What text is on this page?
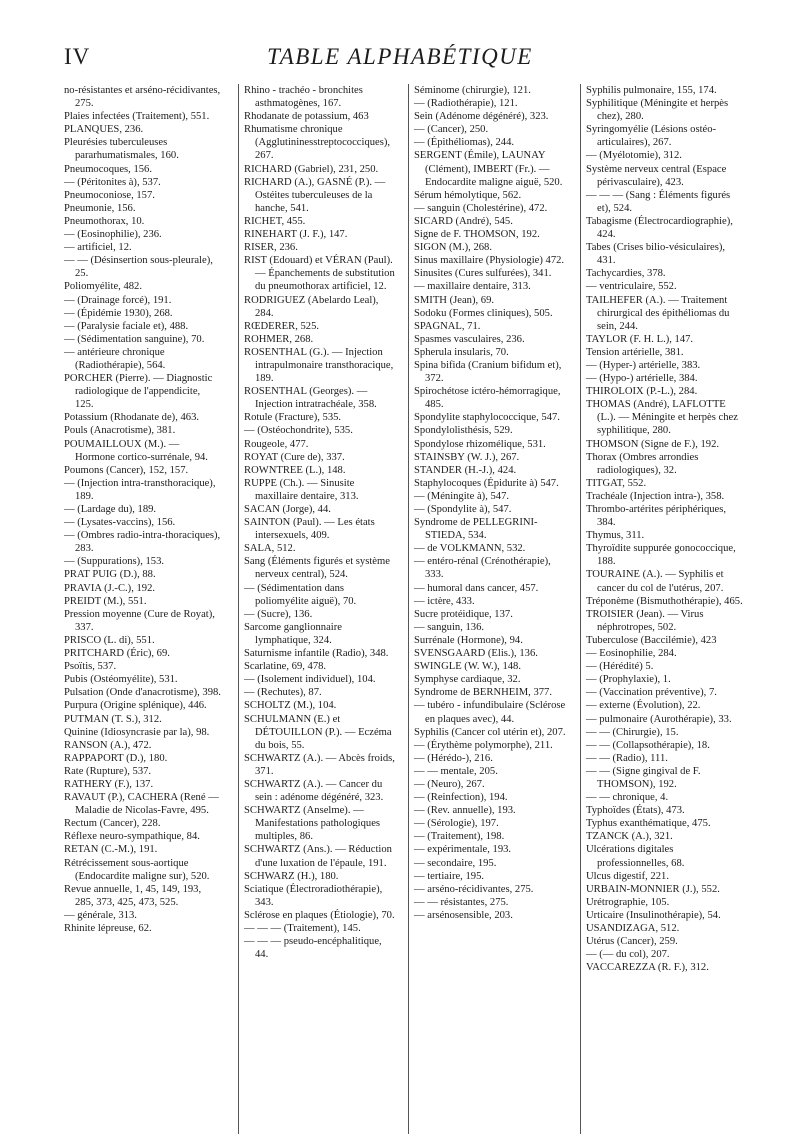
IV	TABLE ALPHABÉTIQUE

no-résistantes et arséno-récidivantes, 275.

Plaies infectées (Traitement), 551.

PLANQUES, 236.

Pleurésies tuberculeuses pararhumatismales, 160.

Pneumocoques, 156.

— (Péritonites à), 537.

Pneumoconiose, 157.

Pneumonie, 156.

Pneumothorax, 10.

— (Eosinophilie), 236.

— artificiel, 12.

— — (Désinsertion sous-pleurale), 25.

Poliomyélite, 482.

— (Drainage forcé), 191.

— (Épidémie 1930), 268.

— (Paralysie faciale et), 488.

— (Sédimentation sanguine), 70.

— antérieure chronique (Radiothérapie), 564.

PORCHER (Pierre). — Diagnostic radiologique de l'appendicite, 125.

Potassium (Rhodanate de), 463.

Pouls (Anacrotisme), 381.

POUMAILLOUX (M.). — Hormone cortico-surrénale, 94.

Poumons (Cancer), 152, 157.

— (Injection intra-transthoracique), 189.

— (Lardage du), 189.

— (Lysates-vaccins), 156.

— (Ombres radio-intra-thoraciques), 283.

— (Suppurations), 153.

PRAT PUIG (D.), 88.

PRAVIA (J.-C.), 192.

PREIDT (M.), 551.

Pression moyenne (Cure de Royat), 337.

PRISCO (L. di), 551.

PRITCHARD (Éric), 69.

Psoïtis, 537.

Pubis (Ostéomyélite), 531.

Pulsation (Onde d'anacrotisme), 398.

Purpura (Origine splénique), 446.

PUTMAN (T. S.), 312.

Quinine (Idiosyncrasie par la), 98.

RANSON (A.), 472.

RAPPAPORT (D.), 180.

Rate (Rupture), 537.

RATHERY (F.), 137.

RAVAUT (P.), CACHERA (René — Maladie de Nicolas-Favre, 495.

Rectum (Cancer), 228.

Réflexe neuro-sympathique, 84.

RETAN (C.-M.), 191.

Rétrécissement sous-aortique (Endocardite maligne sur), 520.

Revue annuelle, 1, 45, 149, 193, 285, 373, 425, 473, 525.

— générale, 313.

Rhinite lépreuse, 62.

Rhino - trachéo - bronchites asthmatogènes, 167.

Rhodanate de potassium, 463

Rhumatisme chronique (Agglutininesstreptococciques), 267.

RICHARD (Gabriel), 231, 250.

RICHARD (A.), GASNÉ (P.). — Ostéites tuberculeuses de la hanche, 541.

RICHET, 455.

RINEHART (J. F.), 147.

RISER, 236.

RIST (Edouard) et VÉRAN (Paul). — Épanchements de substitution du pneumothorax artificiel, 12.

RODRIGUEZ (Abelardo Leal), 284.

RŒDERER, 525.

ROHMER, 268.

ROSENTHAL (G.). — Injection intrapulmonaire transthoracique, 189.

ROSENTHAL (Georges). — Injection intratrachéale, 358.

Rotule (Fracture), 535.

— (Ostéochondrite), 535.

Rougeole, 477.

ROYAT (Cure de), 337.

ROWNTREE (L.), 148.

RUPPE (Ch.). — Sinusite maxillaire dentaire, 313.

SACAN (Jorge), 44.

SAINTON (Paul). — Les états intersexuels, 409.

SALA, 512.

Sang (Éléments figurés et système nerveux central), 524.

— (Sédimentation dans poliomyélite aiguë), 70.

— (Sucre), 136.

Sarcome ganglionnaire lymphatique, 324.

Saturnisme infantile (Radio), 348.

Scarlatine, 69, 478.

— (Isolement individuel), 104.

— (Rechutes), 87.

SCHOLTZ (M.), 104.

SCHULMANN (E.) et DÉTOUILLON (P.). — Eczéma du bois, 55.

SCHWARTZ (A.). — Abcès froids, 371.

SCHWARTZ (A.). — Cancer du sein : adénome dégénéré, 323.

SCHWARTZ (Anselme). — Manifestations pathologiques multiples, 86.

SCHWARTZ (Ans.). — Réduction d'une luxation de l'épaule, 191.

SCHWARZ (H.), 180.

Sciatique (Électroradiothérapie), 343.

Sclérose en plaques (Étiologie), 70.

— — — (Traitement), 145.

— — — pseudo-encéphalitique, 44.

Séminome (chirurgie), 121.

— (Radiothérapie), 121.

Sein (Adénome dégénéré), 323.

— (Cancer), 250.

— (Épithéliomas), 244.

SERGENT (Émile), LAUNAY (Clément), IMBERT (Fr.). — Endocardite maligne aiguë, 520.

Sérum hémolytique, 562.

— sanguin (Cholestérine), 472.

SICARD (André), 545.

Signe de F. THOMSON, 192.

SIGON (M.), 268.

Sinus maxillaire (Physiologie) 472.

Sinusites (Cures sulfurées), 341.

— maxillaire dentaire, 313.

SMITH (Jean), 69.

Sodoku (Formes cliniques), 505.

SPAGNAL, 71.

Spasmes vasculaires, 236.

Spherula insularis, 70.

Spina bifida (Cranium bifidum et), 372.

Spirochétose ictéro-hémorragique, 485.

Spondylite staphylococcique, 547.

Spondylolisthésis, 529.

Spondylose rhizomélique, 531.

STAINSBY (W. J.), 267.

STANDER (H.-J.), 424.

Staphylocoques (Épidurite à) 547.

— (Méningite à), 547.

— (Spondylite à), 547.

Syndrome de PELLEGRINI-STIEDA, 534.

— de VOLKMANN, 532.

— entéro-rénal (Crénothérapie), 333.

— humoral dans cancer, 457.

— ictère, 433.

Sucre protéidique, 137.

— sanguin, 136.

Surrénale (Hormone), 94.

SVENSGAARD (Elis.), 136.

SWINGLE (W. W.), 148.

Symphyse cardiaque, 32.

Syndrome de BERNHEIM, 377.

— tubéro - infundibulaire (Sclérose en plaques avec), 44.

Syphilis (Cancer col utérin et), 207.

— (Érythème polymorphe), 211.

— (Hérédo-), 216.

— — mentale, 205.

— (Neuro), 267.

— (Reinfection), 194.

— (Rev. annuelle), 193.

— (Sérologie), 197.

— (Traitement), 198.

— expérimentale, 193.

— secondaire, 195.

— tertiaire, 195.

— arséno-récidivantes, 275.

— — résistantes, 275.

— arsénosensible, 203.

Syphilis pulmonaire, 155, 174.

Syphilitique (Méningite et herpès chez), 280.

Syringomyélie (Lésions ostéo-articulaires), 267.

— (Myélotomie), 312.

Système nerveux central (Espace périvasculaire), 423.

— — — (Sang : Éléments figurés et), 524.

Tabagisme (Électrocardiographie), 424.

Tabes (Crises bilio-vésiculaires), 431.

Tachycardies, 378.

— ventriculaire, 552.

TAILHEFER (A.). — Traitement chirurgical des épithéliomas du sein, 244.

TAYLOR (F. H. L.), 147.

Tension artérielle, 381.

— (Hyper-) artérielle, 383.

— (Hypo-) artérielle, 384.

THIROLOIX (P.-L.), 284.

THOMAS (André), LAFLOTTE (L.). — Méningite et herpès chez syphilitique, 280.

THOMSON (Signe de F.), 192.

Thorax (Ombres arrondies radiologiques), 32.

TITGAT, 552.

Trachéale (Injection intra-), 358.

Thrombo-artérites périphériques, 384.

Thymus, 311.

Thyroïdite suppurée gonococcique, 188.

TOURAINE (A.). — Syphilis et cancer du col de l'utérus, 207.

Tréponème (Bismuthothérapie), 465.

TROISIER (Jean). — Virus néphrotropes, 502.

Tuberculose (Baccilémie), 423

— Eosinophilie, 284.

— (Hérédité) 5.

— (Prophylaxie), 1.

— (Vaccination préventive), 7.

— externe (Évolution), 22.

— pulmonaire (Aurothérapie), 33.

— — (Chirurgie), 15.

— — (Collapsothérapie), 18.

— — (Radio), 111.

— — (Signe gingival de F. THOMSON), 192.

— — chronique, 4.

Typhoïdes (États), 473.

Typhus exanthématique, 475.

TZANCK (A.), 321.

Ulcérations digitales professionnelles, 68.

Ulcus digestif, 221.

URBAIN-MONNIER (J.), 552.

Urétrographie, 105.

Urticaire (Insulinothérapie), 54.

USANDIZAGA, 512.

Utérus (Cancer), 259.

— (— du col), 207.

VACCAREZZA (R. F.), 312.
